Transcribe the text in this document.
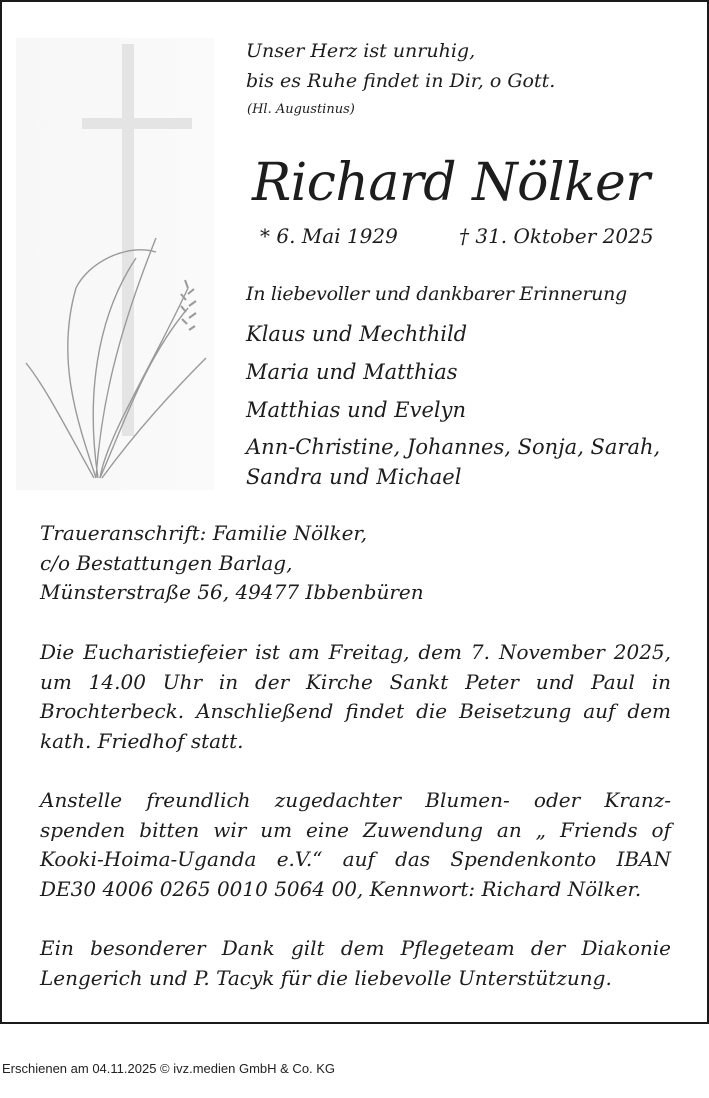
Unser Herz ist unruhig,
bis es Ruhe findet in Dir, o Gott.
(Hl. Augustinus)
Richard Nölker
* 6. Mai 1929	† 31. Oktober 2025
In liebevoller und dankbarer Erinnerung
Klaus und Mechthild
Maria und Matthias
Matthias und Evelyn
Ann-Christine, Johannes, Sonja, Sarah, Sandra und Michael
Traueranschrift: Familie Nölker,
c/o Bestattungen Barlag,
Münsterstraße 56, 49477 Ibbenbüren
Die Eucharistiefeier ist am Freitag, dem 7. November 2025,
um 14.00 Uhr in der Kirche Sankt Peter und Paul in
Brochterbeck. Anschließend findet die Beisetzung auf dem
kath. Friedhof statt.
Anstelle freundlich zugedachter Blumen- oder Kranz-
spenden bitten wir um eine Zuwendung an „ Friends of
Kooki-Hoima-Uganda e.V.“ auf das Spendenkonto IBAN
DE30 4006 0265 0010 5064 00, Kennwort: Richard Nölker.
Ein besonderer Dank gilt dem Pflegeteam der Diakonie
Lengerich und P. Tacyk für die liebevolle Unterstützung.
Erschienen am 04.11.2025 © ivz.medien GmbH & Co. KG
